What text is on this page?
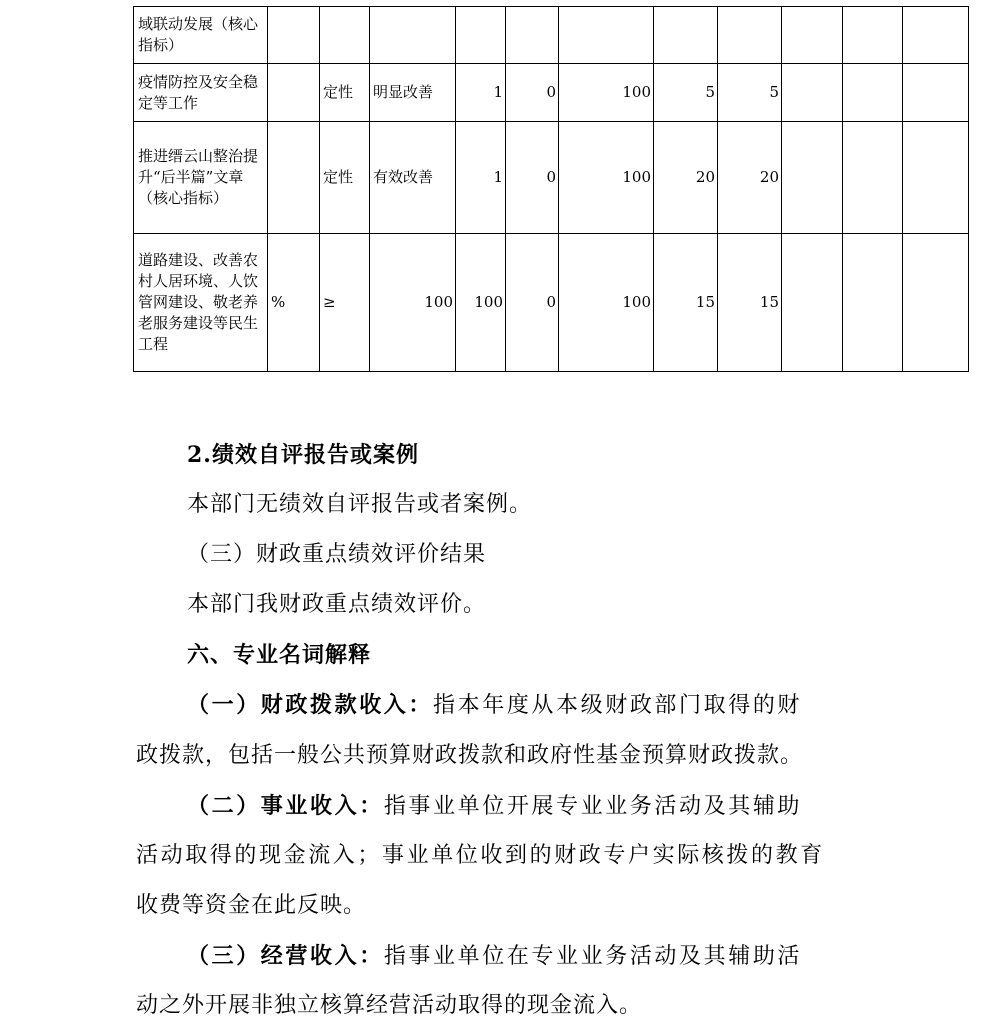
域联动发展（核心指标）											
疫情防控及安全稳定等工作		定性	明显改善	1	0	100	5	5			
推进缙云山整治提升“后半篇”文章（核心指标）		定性	有效改善	1	0	100	20	20			
道路建设、改善农村人居环境、人饮管网建设、敬老养老服务建设等民生工程	%	≥	100	100	0	100	15	15			
2.绩效自评报告或案例
本部门无绩效自评报告或者案例。
（三）财政重点绩效评价结果
本部门我财政重点绩效评价。
六、专业名词解释
（一）财政拨款收入：指本年度从本级财政部门取得的财
政拨款，包括一般公共预算财政拨款和政府性基金预算财政拨款。
（二）事业收入：指事业单位开展专业业务活动及其辅助
活动取得的现金流入；事业单位收到的财政专户实际核拨的教育
收费等资金在此反映。
（三）经营收入：指事业单位在专业业务活动及其辅助活
动之外开展非独立核算经营活动取得的现金流入。
